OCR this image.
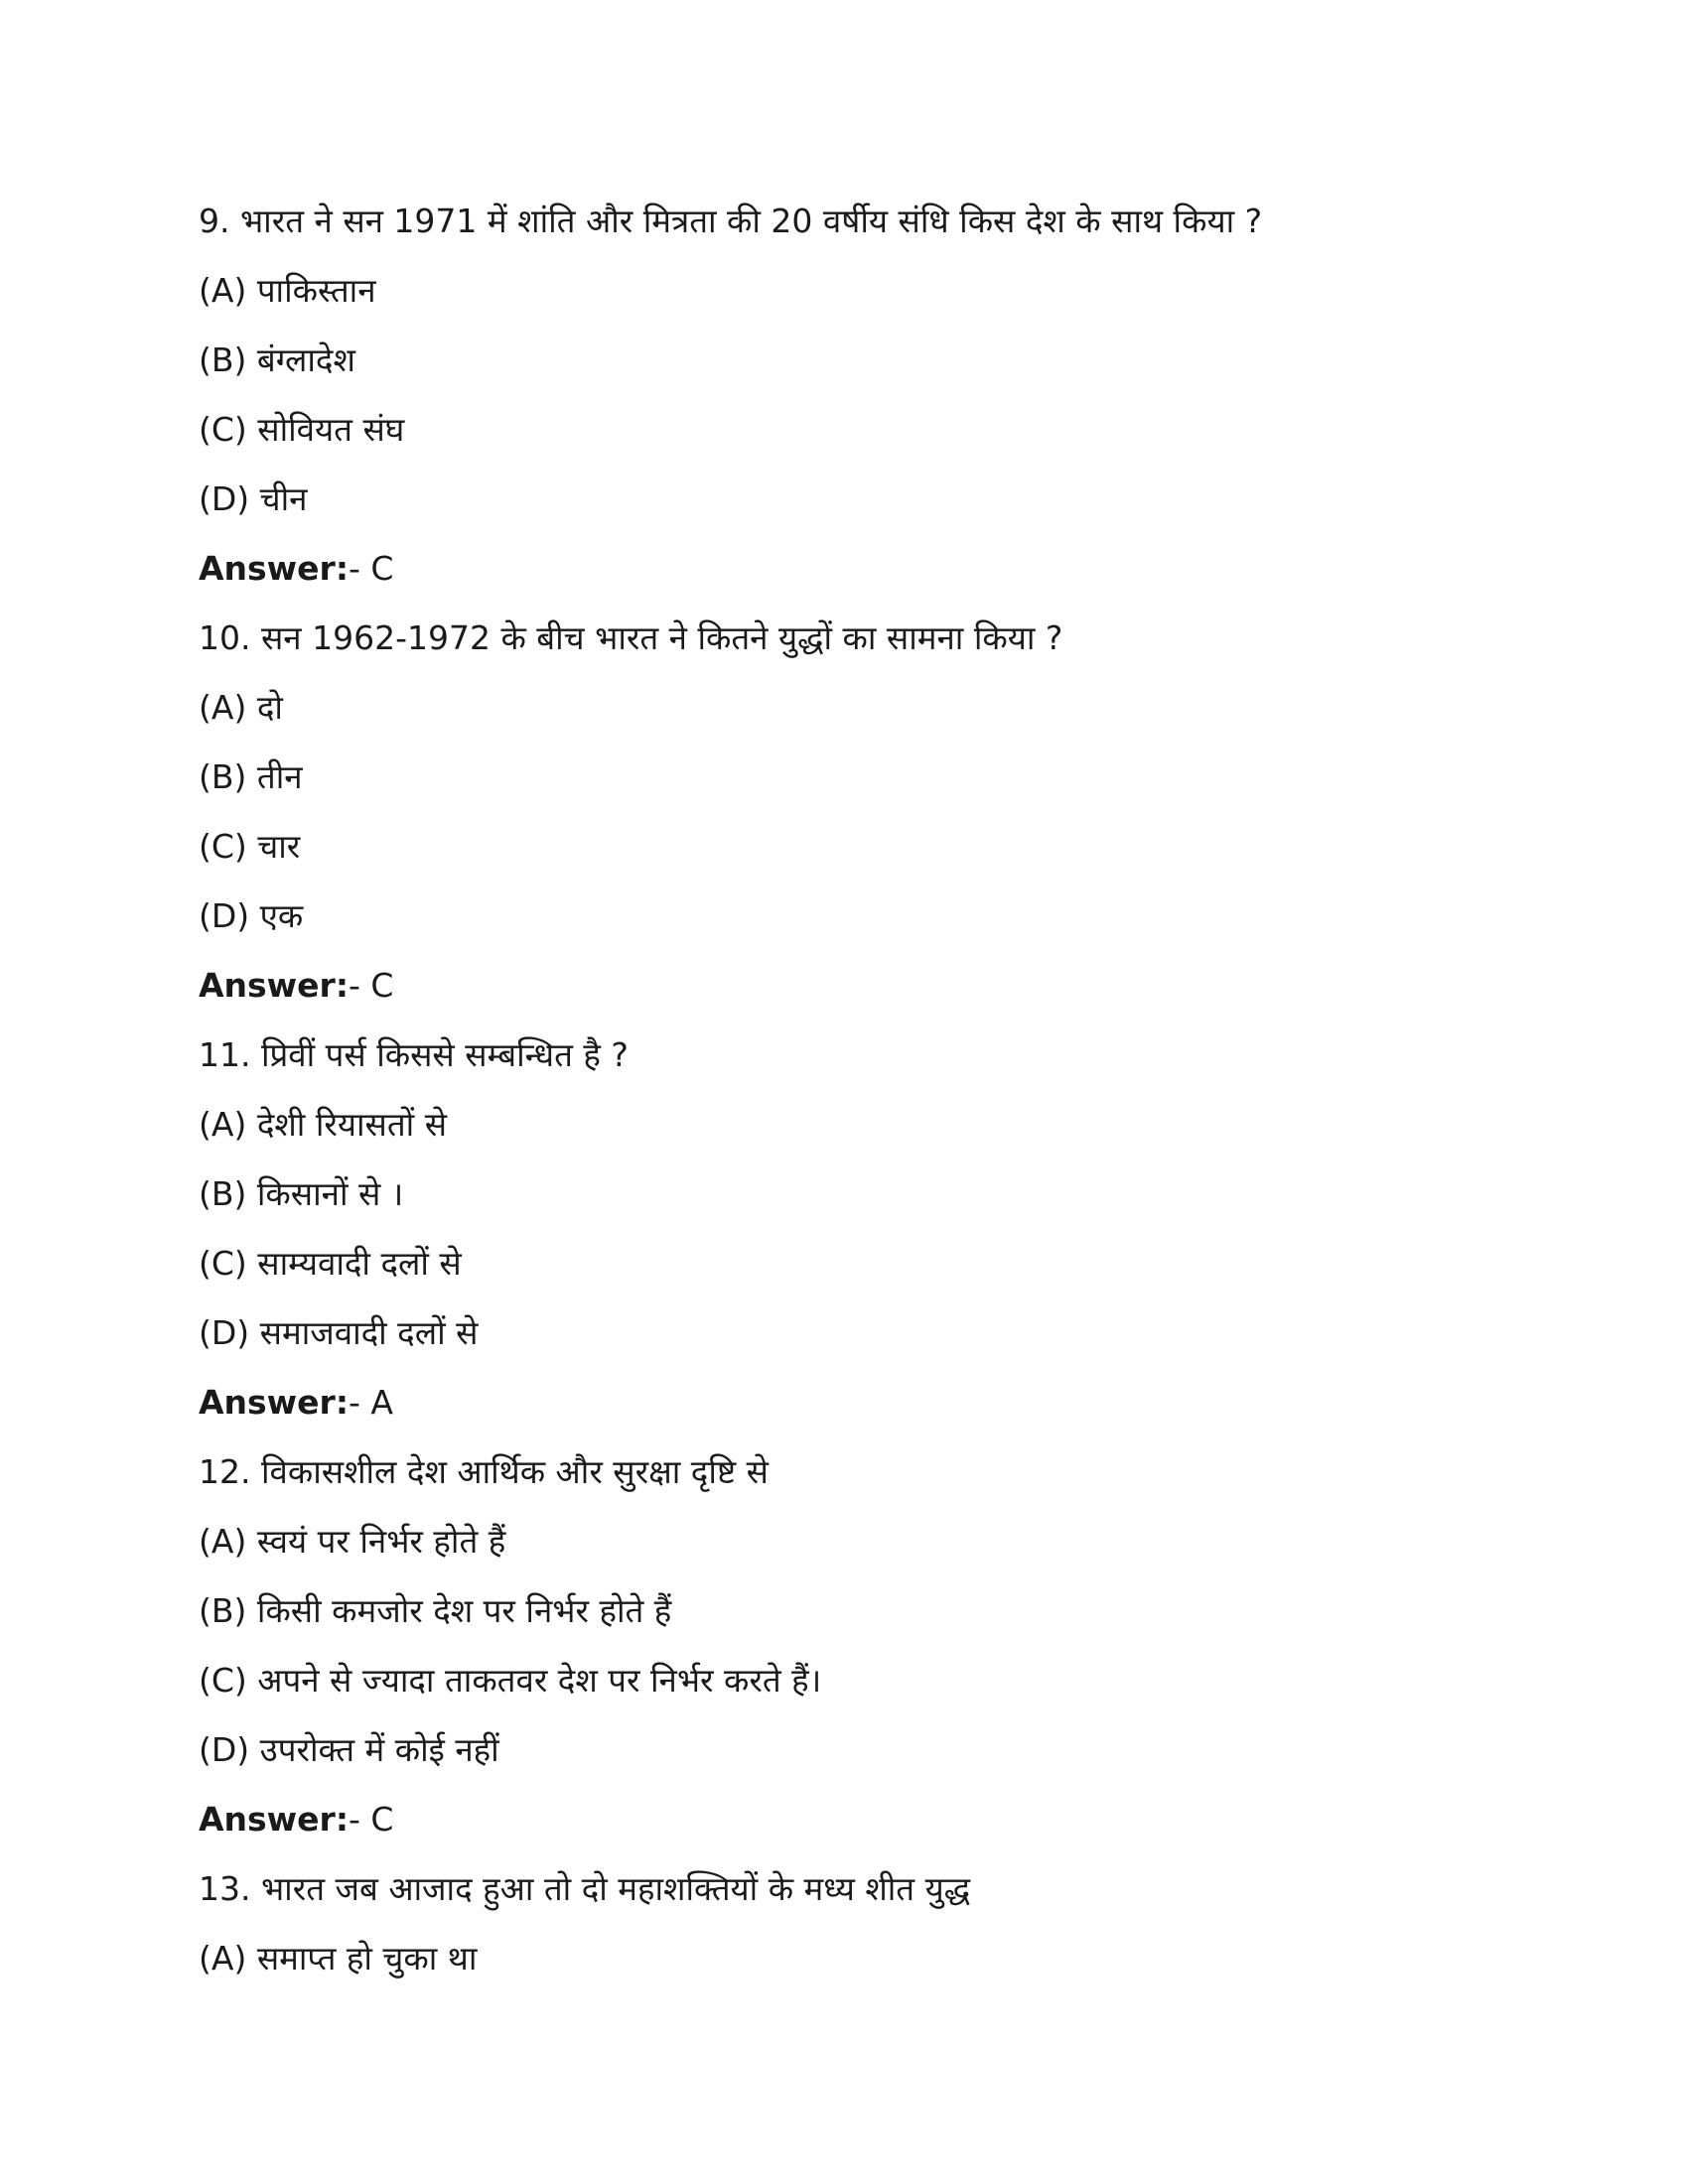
9. भारत ने सन 1971 में शांति और मित्रता की 20 वर्षीय संधि किस देश के साथ किया ?
(A) पाकिस्तान
(B) बंग्लादेश
(C) सोवियत संघ
(D) चीन
Answer:- C
10. सन 1962-1972 के बीच भारत ने कितने युद्धों का सामना किया ?
(A) दो
(B) तीन
(C) चार
(D) एक
Answer:- C
11. प्रिवीं पर्स किससे सम्बन्धित है ?
(A) देशी रियासतों से
(B) किसानों से ।
(C) साम्यवादी दलों से
(D) समाजवादी दलों से
Answer:- A
12. विकासशील देश आर्थिक और सुरक्षा दृष्टि से
(A) स्वयं पर निर्भर होते हैं
(B) किसी कमजोर देश पर निर्भर होते हैं
(C) अपने से ज्यादा ताकतवर देश पर निर्भर करते हैं।
(D) उपरोक्त में कोई नहीं
Answer:- C
13. भारत जब आजाद हुआ तो दो महाशक्तियों के मध्य शीत युद्ध
(A) समाप्त हो चुका था
